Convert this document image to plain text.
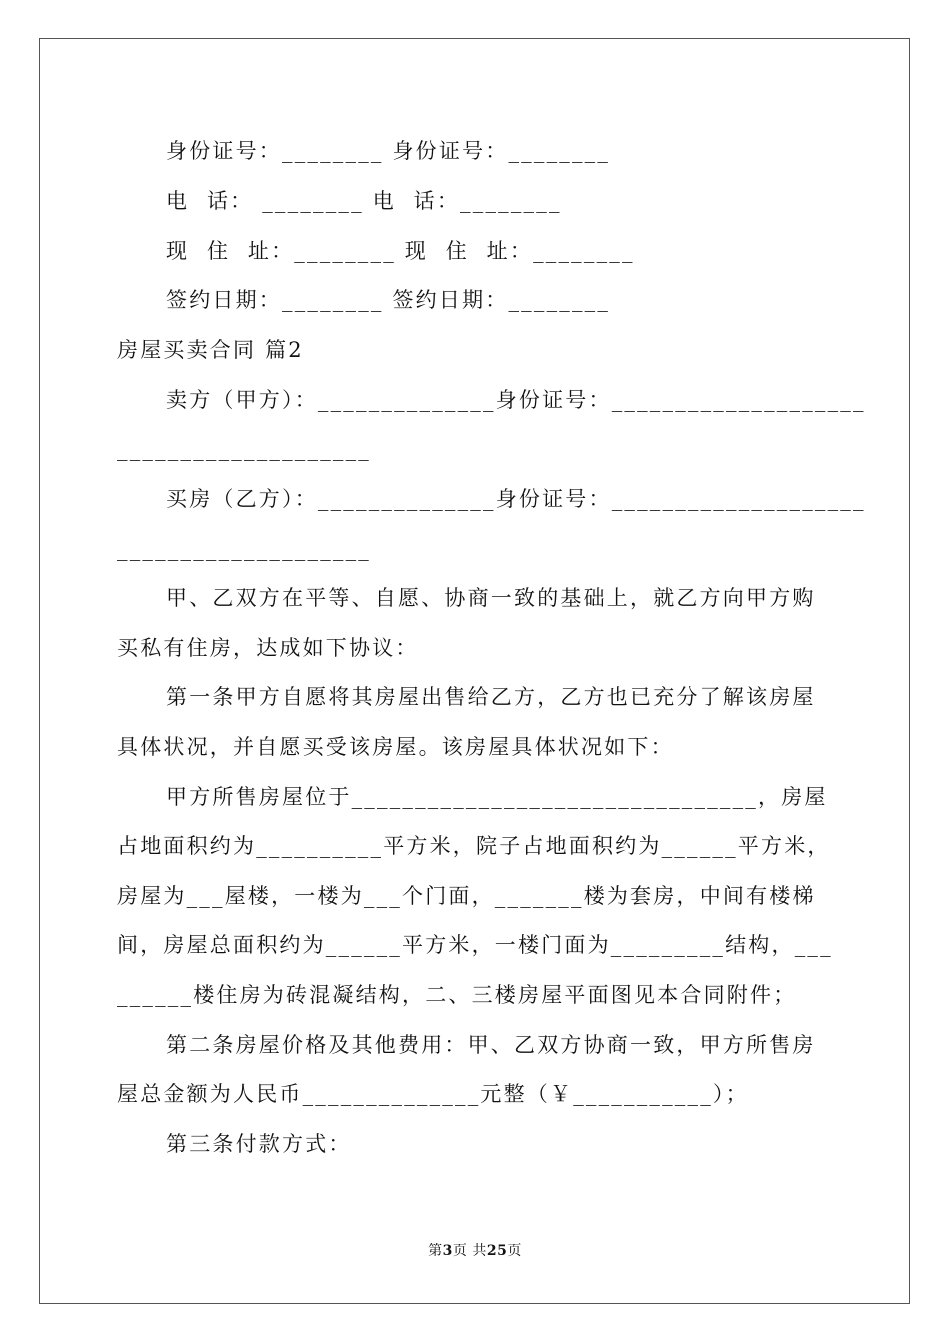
身份证号：________ 身份证号：________
电  话： ________ 电  话：________
现  住  址：________ 现  住  址：________
签约日期：________ 签约日期：________
房屋买卖合同 篇2
卖方（甲方）：______________身份证号：____________________
____________________
买房（乙方）：______________身份证号：____________________
____________________
甲、乙双方在平等、自愿、协商一致的基础上，就乙方向甲方购
买私有住房，达成如下协议：
第一条甲方自愿将其房屋出售给乙方，乙方也已充分了解该房屋
具体状况，并自愿买受该房屋。该房屋具体状况如下：
甲方所售房屋位于________________________________，房屋
占地面积约为__________平方米，院子占地面积约为______平方米，
房屋为___屋楼，一楼为___个门面，_______楼为套房，中间有楼梯
间，房屋总面积约为______平方米，一楼门面为_________结构，___
______楼住房为砖混凝结构，二、三楼房屋平面图见本合同附件；
第二条房屋价格及其他费用：甲、乙双方协商一致，甲方所售房
屋总金额为人民币______________元整（￥___________）；
第三条付款方式：
第3页 共25页
